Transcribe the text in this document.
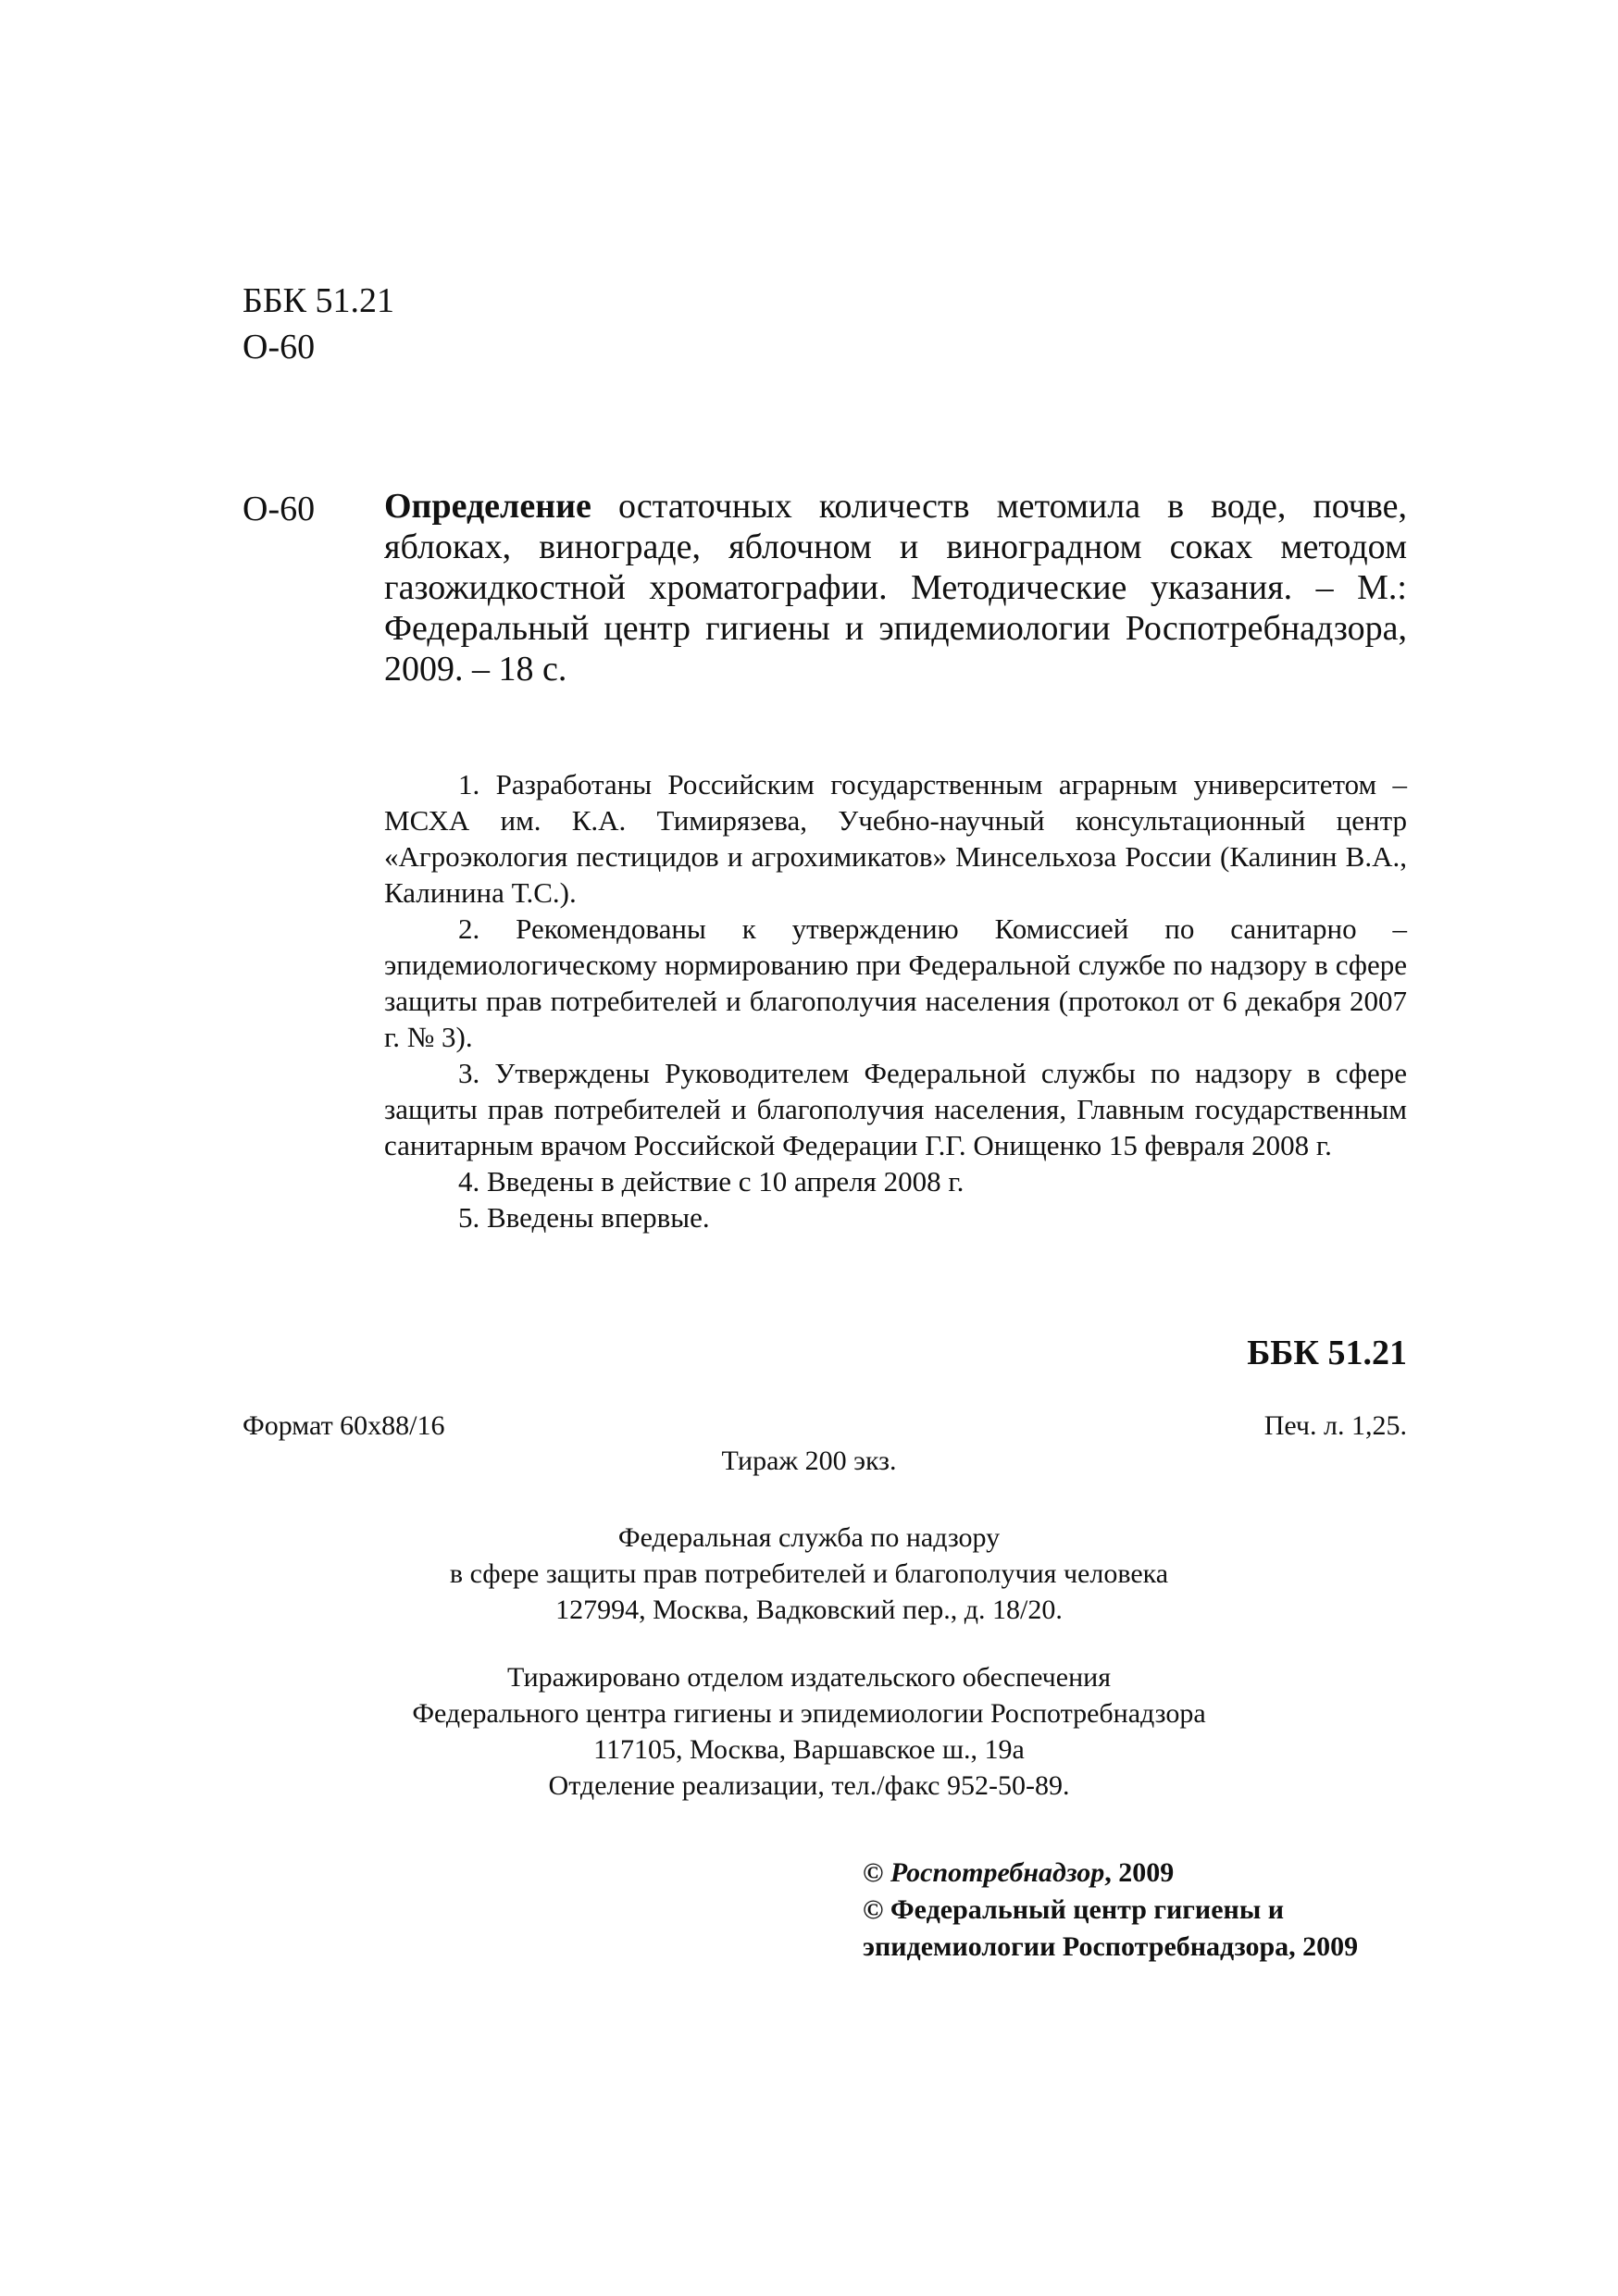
ББК 51.21
О-60
О-60 Определение остаточных количеств метомила в воде, почве, яблоках, винограде, яблочном и виноградном соках методом газожидкостной хроматографии. Методические указания. – М.: Федеральный центр гигиены и эпидемиологии Роспотребнадзора, 2009. – 18 с.

1. Разработаны Российским государственным аграрным университетом – МСХА им. К.А. Тимирязева, Учебно-научный консультационный центр «Агроэкология пестицидов и агрохимикатов» Минсельхоза России (Калинин В.А., Калинина Т.С.).

2. Рекомендованы к утверждению Комиссией по санитарно – эпидемиологическому нормированию при Федеральной службе по надзору в сфере защиты прав потребителей и благополучия населения (протокол от 6 декабря 2007 г. № 3).

3. Утверждены Руководителем Федеральной службы по надзору в сфере защиты прав потребителей и благополучия населения, Главным государственным санитарным врачом Российской Федерации Г.Г. Онищенко 15 февраля 2008 г.

4. Введены в действие с 10 апреля 2008 г.

5. Введены впервые.

ББК 51.21
Формат 60х88/16	Печ. л. 1,25.
Тираж 200 экз.
Федеральная служба по надзору
в сфере защиты прав потребителей и благополучия человека
127994, Москва, Вадковский пер., д. 18/20.
Тиражировано отделом издательского обеспечения
Федерального центра гигиены и эпидемиологии Роспотребнадзора
117105, Москва, Варшавское ш., 19а
Отделение реализации, тел./факс 952-50-89.
© Роспотребнадзор, 2009
© Федеральный центр гигиены и
эпидемиологии Роспотребнадзора, 2009
